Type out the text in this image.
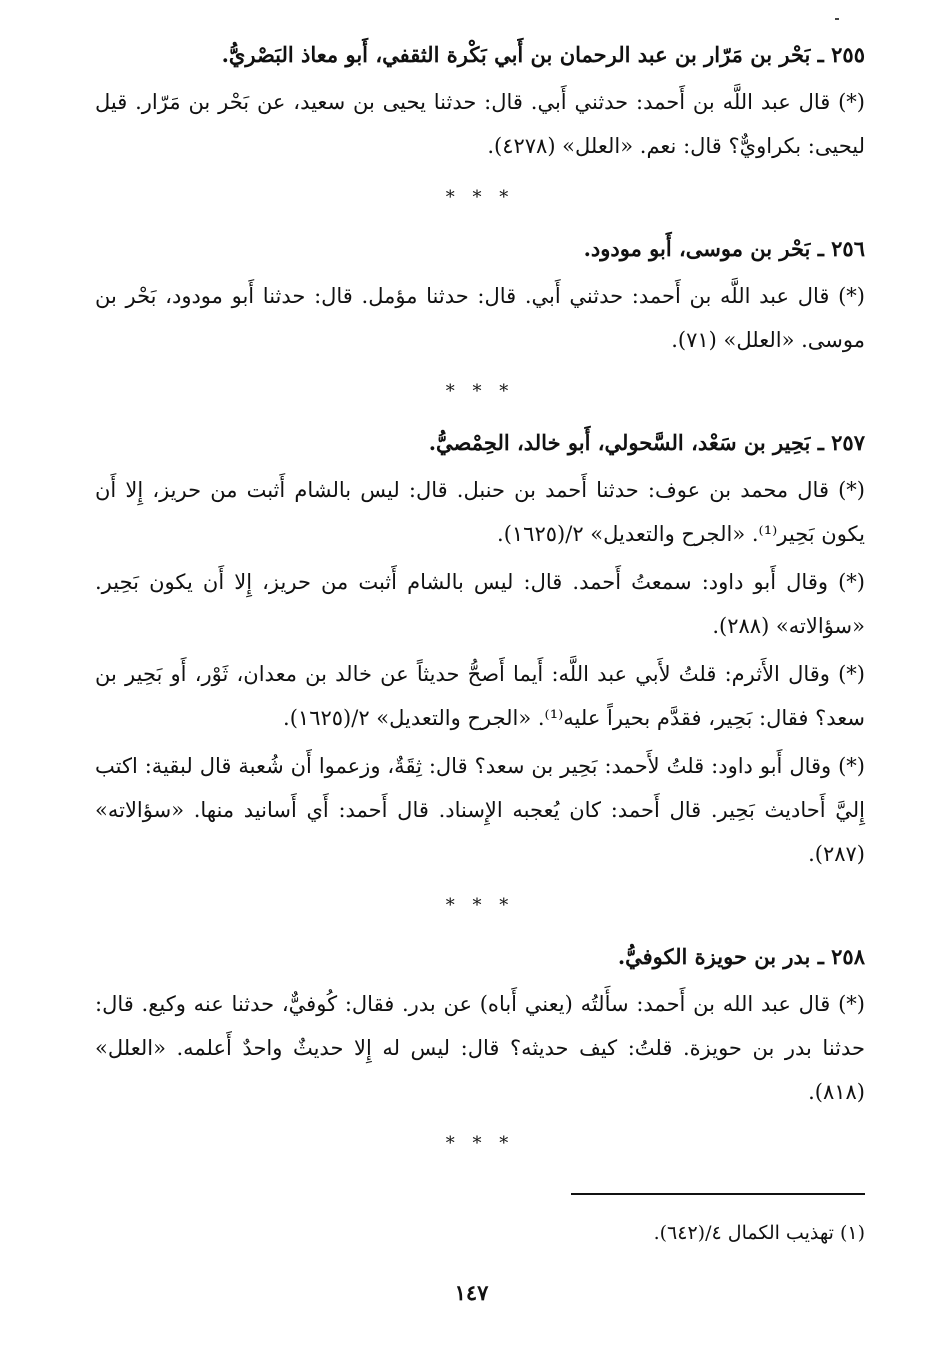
٢٥٥ ـ بَحْر بن مَرّار بن عبد الرحمان بن أَبي بَكْرة الثقفي، أَبو معاذ البَصْريُّ.

(*) قال عبد اللَّه بن أَحمد: حدثني أَبي. قال: حدثنا يحيى بن سعيد، عن بَحْر بن مَرّار. قيل ليحيى: بكراويٌّ؟ قال: نعم. «العلل» (٤٢٧٨).

* * *
٢٥٦ ـ بَحْر بن موسى، أَبو مودود.

(*) قال عبد اللَّه بن أَحمد: حدثني أَبي. قال: حدثنا مؤمل. قال: حدثنا أَبو مودود، بَحْر بن موسى. «العلل» (٧١).

* * *
٢٥٧ ـ بَحِير بن سَعْد، السَّحولي، أَبو خالد، الحِمْصيُّ.

(*) قال محمد بن عوف: حدثنا أَحمد بن حنبل. قال: ليس بالشام أَثبت من حريز، إِلا أَن يكون بَحِير⁽¹⁾. «الجرح والتعديل» ٢/(١٦٢٥).

(*) وقال أَبو داود: سمعتُ أَحمد. قال: ليس بالشام أَثبت من حريز، إِلا أَن يكون بَحِير. «سؤالاته» (٢٨٨).

(*) وقال الأَثرم: قلتُ لأَبي عبد اللَّه: أَيما أَصحُّ حديثاً عن خالد بن معدان، ثَوْر، أَو بَحِير بن سعد؟ فقال: بَحِير، فقدَّم بحيراً عليه⁽¹⁾. «الجرح والتعديل» ٢/(١٦٢٥).

(*) وقال أَبو داود: قلتُ لأَحمد: بَحِير بن سعد؟ قال: ثِقَةٌ، وزعموا أَن شُعبة قال لبقية: اكتب إِليَّ أَحاديث بَحِير. قال أَحمد: كان يُعجبه الإِسناد. قال أَحمد: أَي أَسانيد منها. «سؤالاته» (٢٨٧).

* * *
٢٥٨ ـ بدر بن حويزة الكوفيُّ.

(*) قال عبد الله بن أَحمد: سأَلتُه (يعني أَباه) عن بدر. فقال: كُوفيٌّ، حدثنا عنه وكيع. قال: حدثنا بدر بن حويزة. قلتُ: كيف حديثه؟ قال: ليس له إِلا حديثٌ واحدٌ أَعلمه. «العلل» (٨١٨).

* * *
(١) تهذيب الكمال ٤/(٦٤٢).
١٤٧
